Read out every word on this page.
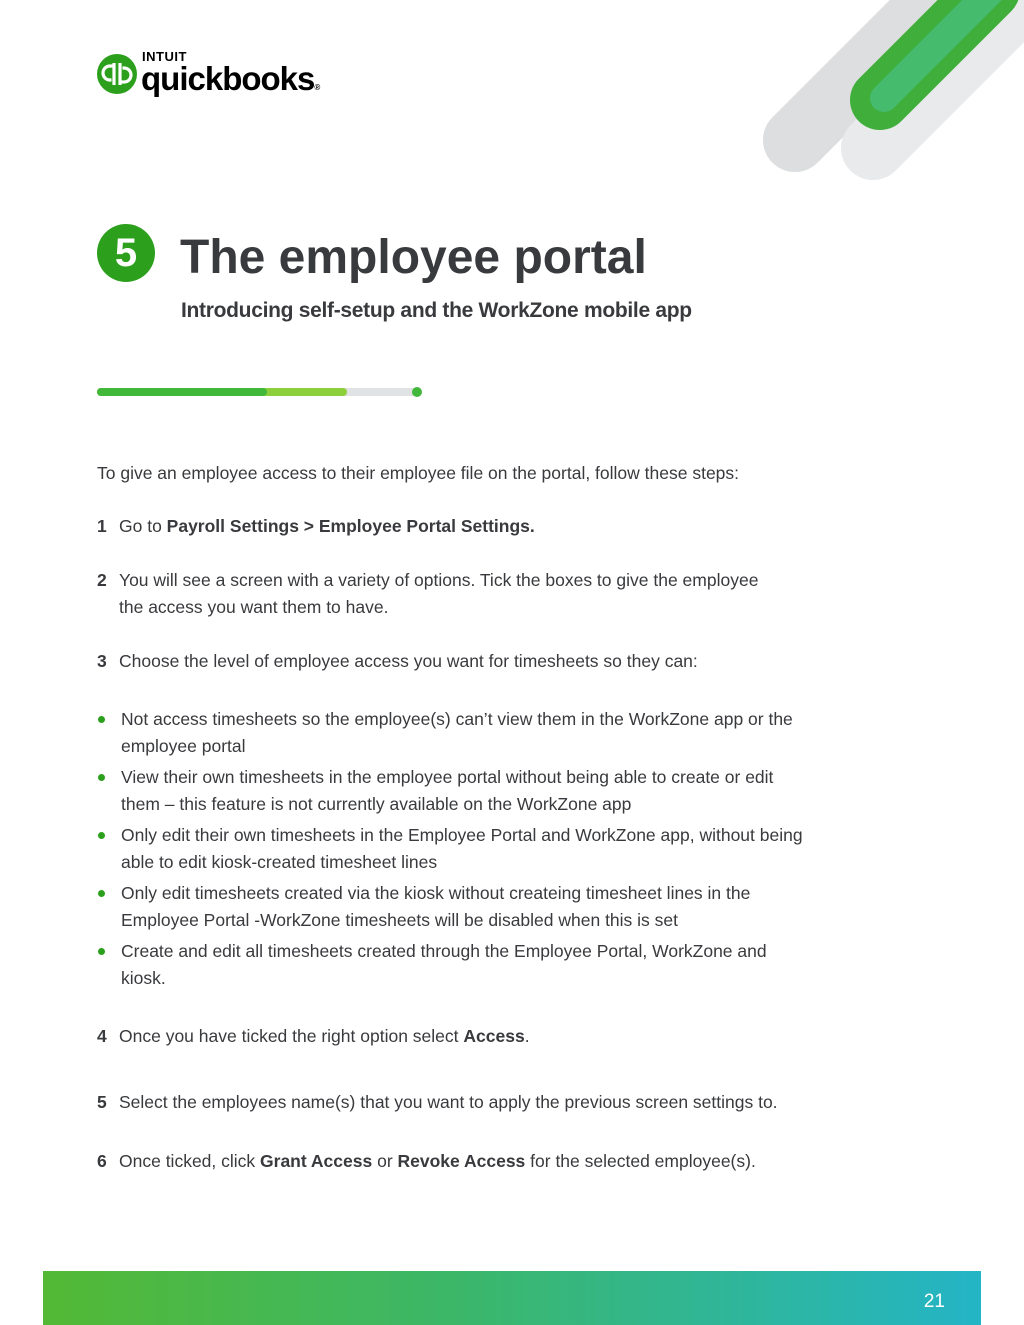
INTUIT
quickbooks®
5 The employee portal
Introducing self-setup and the WorkZone mobile app

To give an employee access to their employee file on the portal, follow these steps:

1 Go to Payroll Settings > Employee Portal Settings.

2 You will see a screen with a variety of options. Tick the boxes to give the employee the access you want them to have.

3 Choose the level of employee access you want for timesheets so they can:

Not access timesheets so the employee(s) can’t view them in the WorkZone app or the employee portal
View their own timesheets in the employee portal without being able to create or edit them – this feature is not currently available on the WorkZone app
Only edit their own timesheets in the Employee Portal and WorkZone app, without being able to edit kiosk-created timesheet lines
Only edit timesheets created via the kiosk without createing timesheet lines in the Employee Portal -WorkZone timesheets will be disabled when this is set
Create and edit all timesheets created through the Employee Portal, WorkZone and kiosk.

4 Once you have ticked the right option select Access.

5 Select the employees name(s) that you want to apply the previous screen settings to.

6 Once ticked, click Grant Access or Revoke Access for the selected employee(s).

21
